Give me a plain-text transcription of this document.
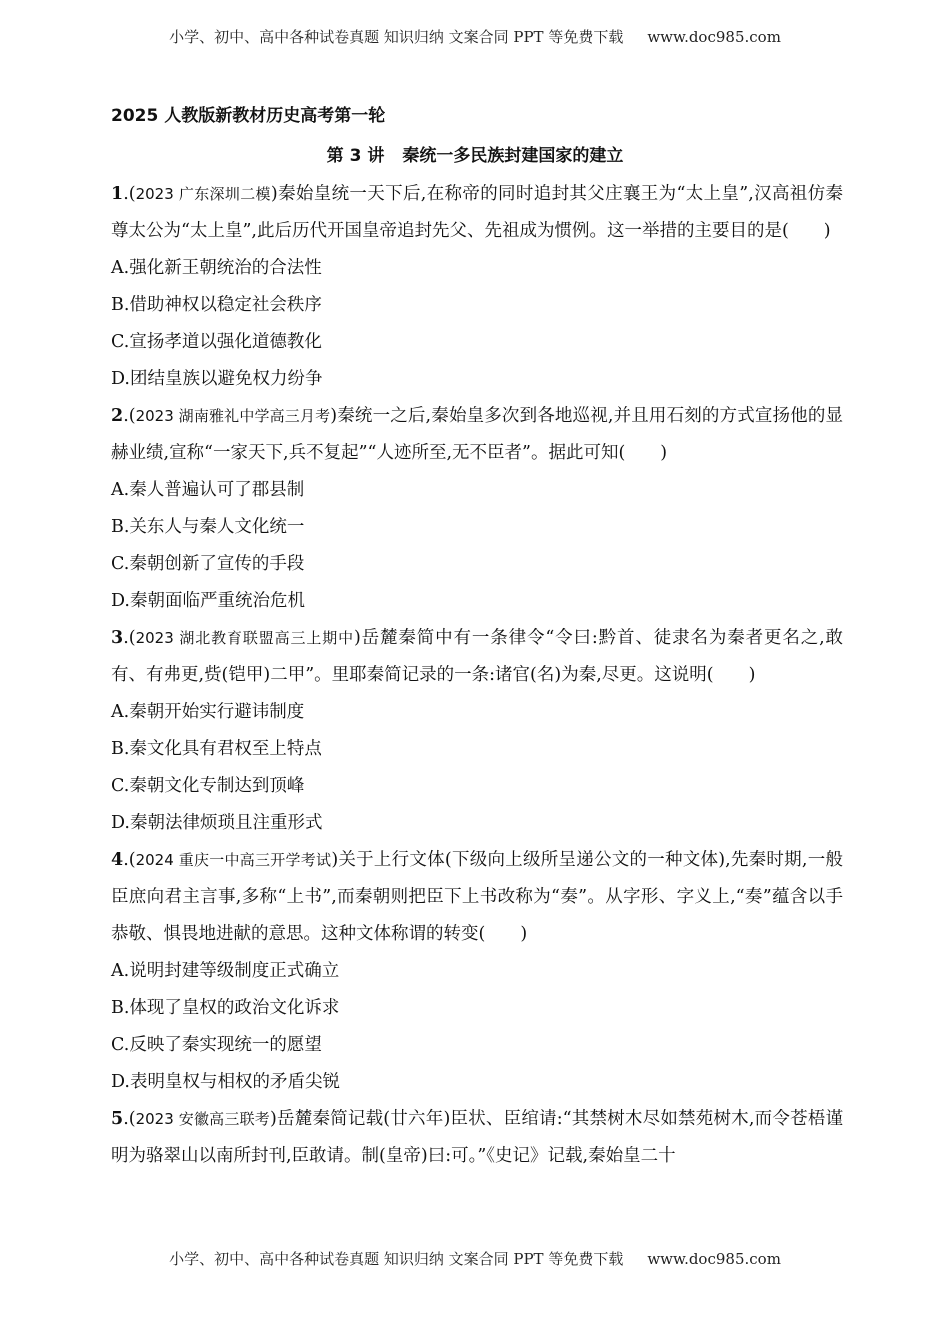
小学、初中、高中各种试卷真题 知识归纳 文案合同 PPT 等免费下载 www.doc985.com
2025 人教版新教材历史高考第一轮
第 3 讲 秦统一多民族封建国家的建立
1.(2023 广东深圳二模)秦始皇统一天下后,在称帝的同时追封其父庄襄王为“太上皇”,汉高祖仿秦尊太公为“太上皇”,此后历代开国皇帝追封先父、先祖成为惯例。这一举措的主要目的是(　　)
A.强化新王朝统治的合法性
B.借助神权以稳定社会秩序
C.宣扬孝道以强化道德教化
D.团结皇族以避免权力纷争
2.(2023 湖南雅礼中学高三月考)秦统一之后,秦始皇多次到各地巡视,并且用石刻的方式宣扬他的显赫业绩,宣称“一家天下,兵不复起”“人迹所至,无不臣者”。据此可知(　　)
A.秦人普遍认可了郡县制
B.关东人与秦人文化统一
C.秦朝创新了宣传的手段
D.秦朝面临严重统治危机
3.(2023 湖北教育联盟高三上期中)岳麓秦简中有一条律令“令曰:黔首、徒隶名为秦者更名之,敢有、有弗更,赀(铠甲)二甲”。里耶秦简记录的一条:诸官(名)为秦,尽更。这说明(　　)
A.秦朝开始实行避讳制度
B.秦文化具有君权至上特点
C.秦朝文化专制达到顶峰
D.秦朝法律烦琐且注重形式
4.(2024 重庆一中高三开学考试)关于上行文体(下级向上级所呈递公文的一种文体),先秦时期,一般臣庶向君主言事,多称“上书”,而秦朝则把臣下上书改称为“奏”。从字形、字义上,“奏”蕴含以手恭敬、惧畏地进献的意思。这种文体称谓的转变(　　)
A.说明封建等级制度正式确立
B.体现了皇权的政治文化诉求
C.反映了秦实现统一的愿望
D.表明皇权与相权的矛盾尖锐
5.(2023 安徽高三联考)岳麓秦简记载(廿六年)臣状、臣绾请:“其禁树木尽如禁苑树木,而令苍梧谨明为骆翠山以南所封刊,臣敢请。制(皇帝)曰:可。”《史记》记载,秦始皇二十
小学、初中、高中各种试卷真题 知识归纳 文案合同 PPT 等免费下载 www.doc985.com
